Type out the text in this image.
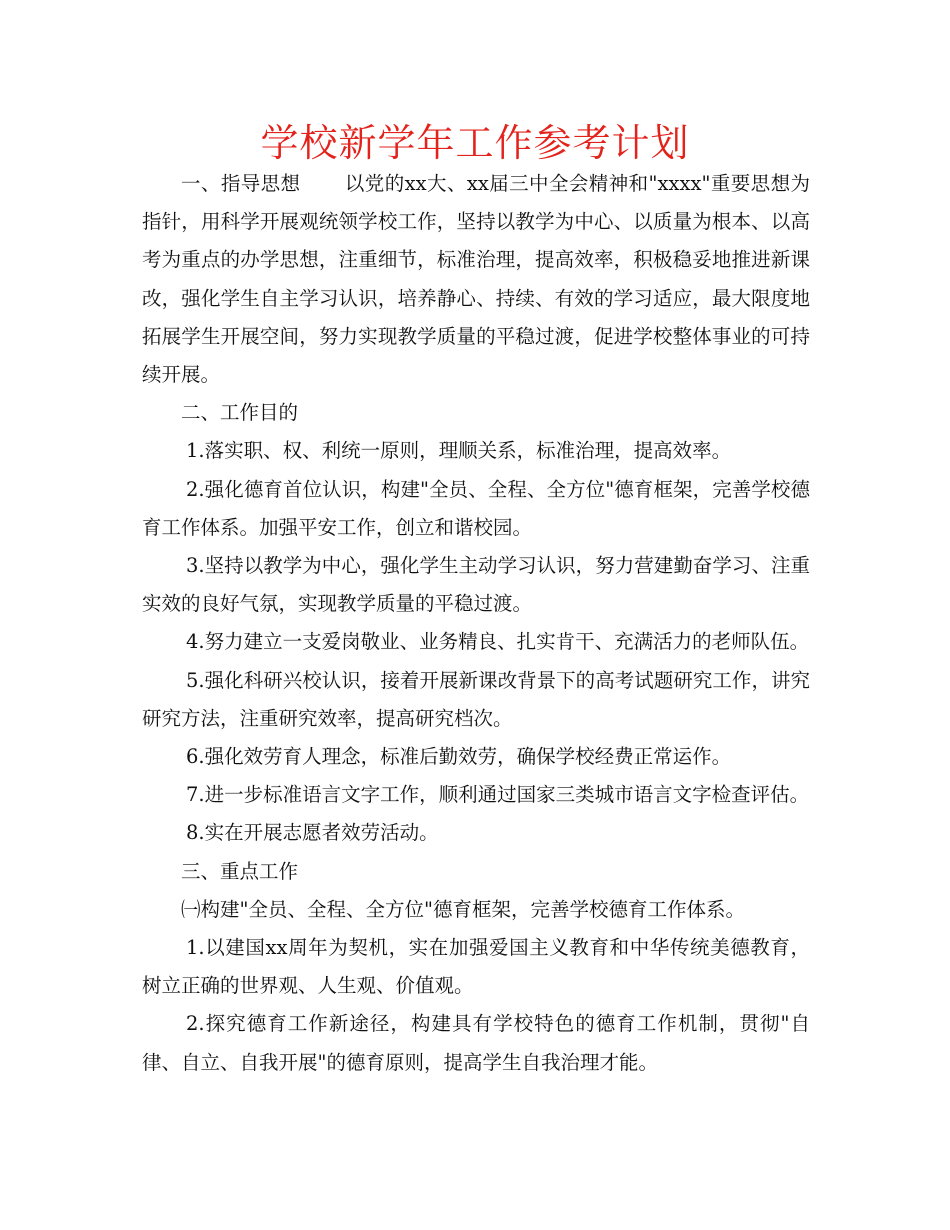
学校新学年工作参考计划

一、指导思想 以党的xx大、xx届三中全会精神和"xxxx"重要思想为指针，用科学开展观统领学校工作，坚持以教学为中心、以质量为根本、以高考为重点的办学思想，注重细节，标准治理，提高效率，积极稳妥地推进新课改，强化学生自主学习认识，培养静心、持续、有效的学习适应，最大限度地拓展学生开展空间，努力实现教学质量的平稳过渡，促进学校整体事业的可持续开展。

二、工作目的

1.落实职、权、利统一原则，理顺关系，标准治理，提高效率。

2.强化德育首位认识，构建"全员、全程、全方位"德育框架，完善学校德育工作体系。加强平安工作，创立和谐校园。

3.坚持以教学为中心，强化学生主动学习认识，努力营建勤奋学习、注重实效的良好气氛，实现教学质量的平稳过渡。

4.努力建立一支爱岗敬业、业务精良、扎实肯干、充满活力的老师队伍。

5.强化科研兴校认识，接着开展新课改背景下的高考试题研究工作，讲究研究方法，注重研究效率，提高研究档次。

6.强化效劳育人理念，标准后勤效劳，确保学校经费正常运作。

7.进一步标准语言文字工作，顺利通过国家三类城市语言文字检查评估。

8.实在开展志愿者效劳活动。

三、重点工作

㈠构建"全员、全程、全方位"德育框架，完善学校德育工作体系。

1.以建国xx周年为契机，实在加强爱国主义教育和中华传统美德教育，树立正确的世界观、人生观、价值观。

2.探究德育工作新途径，构建具有学校特色的德育工作机制，贯彻"自律、自立、自我开展"的德育原则，提高学生自我治理才能。
